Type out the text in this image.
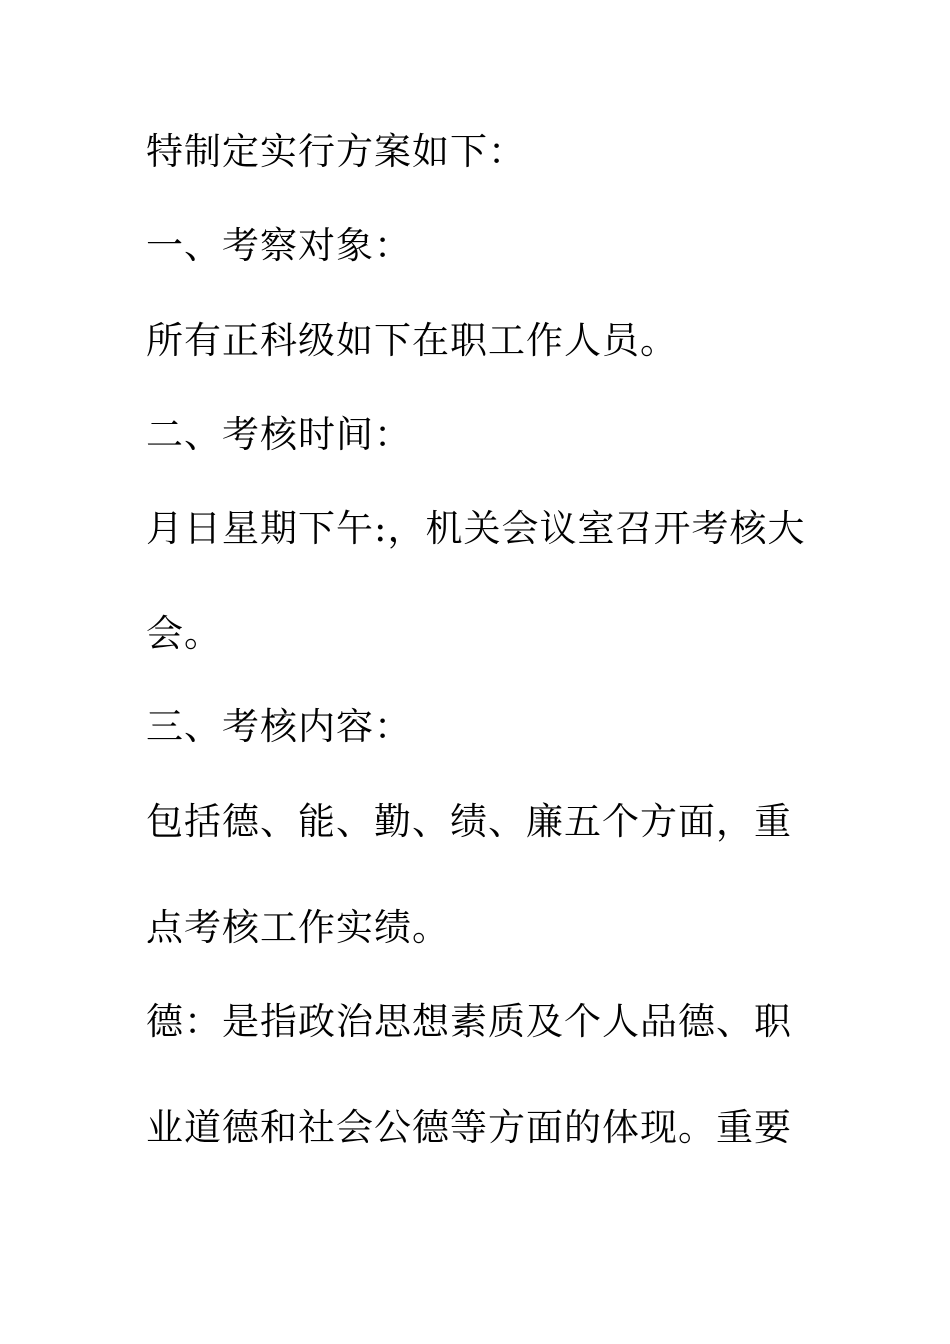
特制定实行方案如下：
一、考察对象：
所有正科级如下在职工作人员。
二、考核时间：
月日星期下午:，机关会议室召开考核大
会。
三、考核内容：
包括德、能、勤、绩、廉五个方面，重
点考核工作实绩。
德：是指政治思想素质及个人品德、职
业道德和社会公德等方面的体现。重要
